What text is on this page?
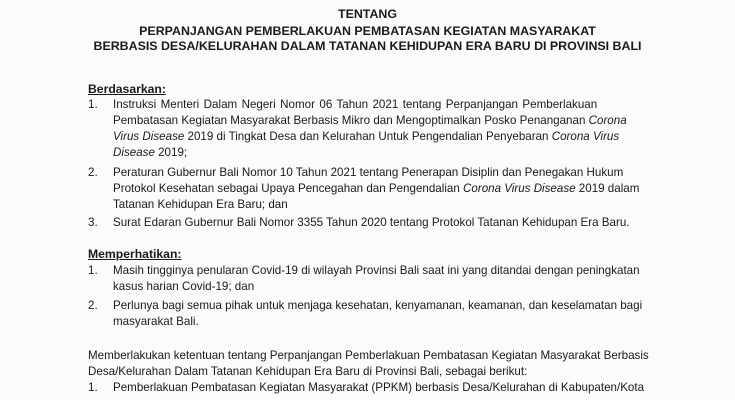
TENTANG
PERPANJANGAN PEMBERLAKUAN PEMBATASAN KEGIATAN MASYARAKAT
BERBASIS DESA/KELURAHAN DALAM TATANAN KEHIDUPAN ERA BARU DI PROVINSI BALI
Berdasarkan:
1. Instruksi Menteri Dalam Negeri Nomor 06 Tahun 2021 tentang Perpanjangan Pemberlakuan
Pembatasan Kegiatan Masyarakat Berbasis Mikro dan Mengoptimalkan Posko Penanganan Corona
Virus Disease 2019 di Tingkat Desa dan Kelurahan Untuk Pengendalian Penyebaran Corona Virus
Disease 2019;
2. Peraturan Gubernur Bali Nomor 10 Tahun 2021 tentang Penerapan Disiplin dan Penegakan Hukum
Protokol Kesehatan sebagai Upaya Pencegahan dan Pengendalian Corona Virus Disease 2019 dalam
Tatanan Kehidupan Era Baru; dan
3. Surat Edaran Gubernur Bali Nomor 3355 Tahun 2020 tentang Protokol Tatanan Kehidupan Era Baru.
Memperhatikan:
1. Masih tingginya penularan Covid-19 di wilayah Provinsi Bali saat ini yang ditandai dengan peningkatan
kasus harian Covid-19; dan
2. Perlunya bagi semua pihak untuk menjaga kesehatan, kenyamanan, keamanan, dan keselamatan bagi
masyarakat Bali.
Memberlakukan ketentuan tentang Perpanjangan Pemberlakuan Pembatasan Kegiatan Masyarakat Berbasis
Desa/Kelurahan Dalam Tatanan Kehidupan Era Baru di Provinsi Bali, sebagai berikut:
1. Pemberlakuan Pembatasan Kegiatan Masyarakat (PPKM) berbasis Desa/Kelurahan di Kabupaten/Kota
